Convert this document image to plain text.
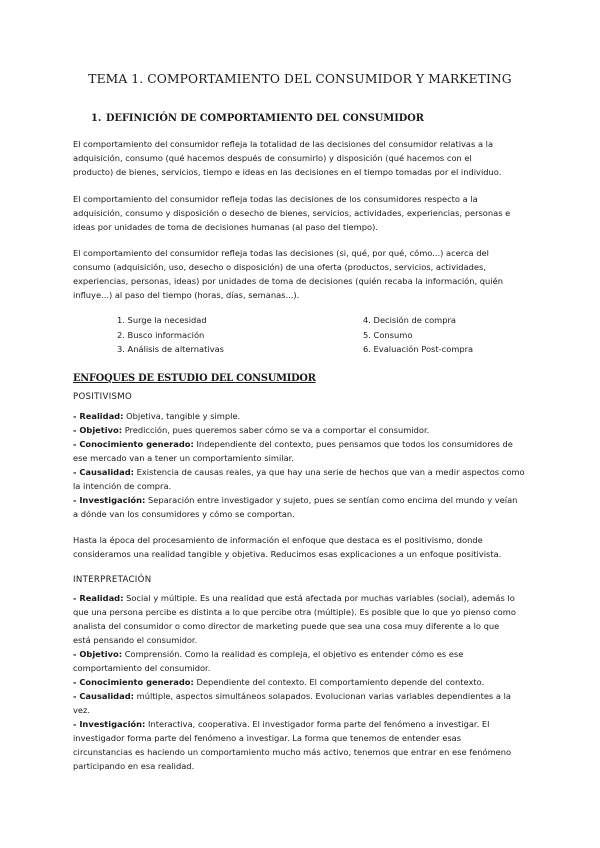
TEMA 1. COMPORTAMIENTO DEL CONSUMIDOR Y MARKETING
1. DEFINICIÓN DE COMPORTAMIENTO DEL CONSUMIDOR
El comportamiento del consumidor refleja la totalidad de las decisiones del consumidor relativas a la
adquisición, consumo (qué hacemos después de consumirlo) y disposición (qué hacemos con el
producto) de bienes, servicios, tiempo e ideas en las decisiones en el tiempo tomadas por el individuo.
El comportamiento del consumidor refleja todas las decisiones de los consumidores respecto a la
adquisición, consumo y disposición o desecho de bienes, servicios, actividades, experiencias, personas e
ideas por unidades de toma de decisiones humanas (al paso del tiempo).
El comportamiento del consumidor refleja todas las decisiones (si, qué, por qué, cómo...) acerca del
consumo (adquisición, uso, desecho o disposición) de una oferta (productos, servicios, actividades,
experiencias, personas, ideas) por unidades de toma de decisiones (quién recaba la información, quién
influye...) al paso del tiempo (horas, días, semanas...).
1. Surge la necesidad	4. Decisión de compra
2. Busco información	5. Consumo
3. Análisis de alternativas	6. Evaluación Post-compra
ENFOQUES DE ESTUDIO DEL CONSUMIDOR
POSITIVISMO
- Realidad: Objetiva, tangible y simple.
- Objetivo: Predicción, pues queremos saber cómo se va a comportar el consumidor.
- Conocimiento generado: Independiente del contexto, pues pensamos que todos los consumidores de
ese mercado van a tener un comportamiento similar.
- Causalidad: Existencia de causas reales, ya que hay una serie de hechos que van a medir aspectos como
la intención de compra.
- Investigación: Separación entre investigador y sujeto, pues se sentían como encima del mundo y veían
a dónde van los consumidores y cómo se comportan.
Hasta la época del procesamiento de información el enfoque que destaca es el positivismo, donde
consideramos una realidad tangible y objetiva. Reducimos esas explicaciones a un enfoque positivista.
INTERPRETACIÓN
- Realidad: Social y múltiple. Es una realidad que está afectada por muchas variables (social), además lo
que una persona percibe es distinta a lo que percibe otra (múltiple). Es posible que lo que yo pienso como
analista del consumidor o como director de marketing puede que sea una cosa muy diferente a lo que
está pensando el consumidor.
- Objetivo: Comprensión. Como la realidad es compleja, el objetivo es entender cómo es ese
comportamiento del consumidor.
- Conocimiento generado: Dependiente del contexto. El comportamiento depende del contexto.
- Causalidad: múltiple, aspectos simultáneos solapados. Evolucionan varias variables dependientes a la
vez.
- Investigación: Interactiva, cooperativa. El investigador forma parte del fenómeno a investigar. El
investigador forma parte del fenómeno a investigar. La forma que tenemos de entender esas
circunstancias es haciendo un comportamiento mucho más activo, tenemos que entrar en ese fenómeno
participando en esa realidad.
